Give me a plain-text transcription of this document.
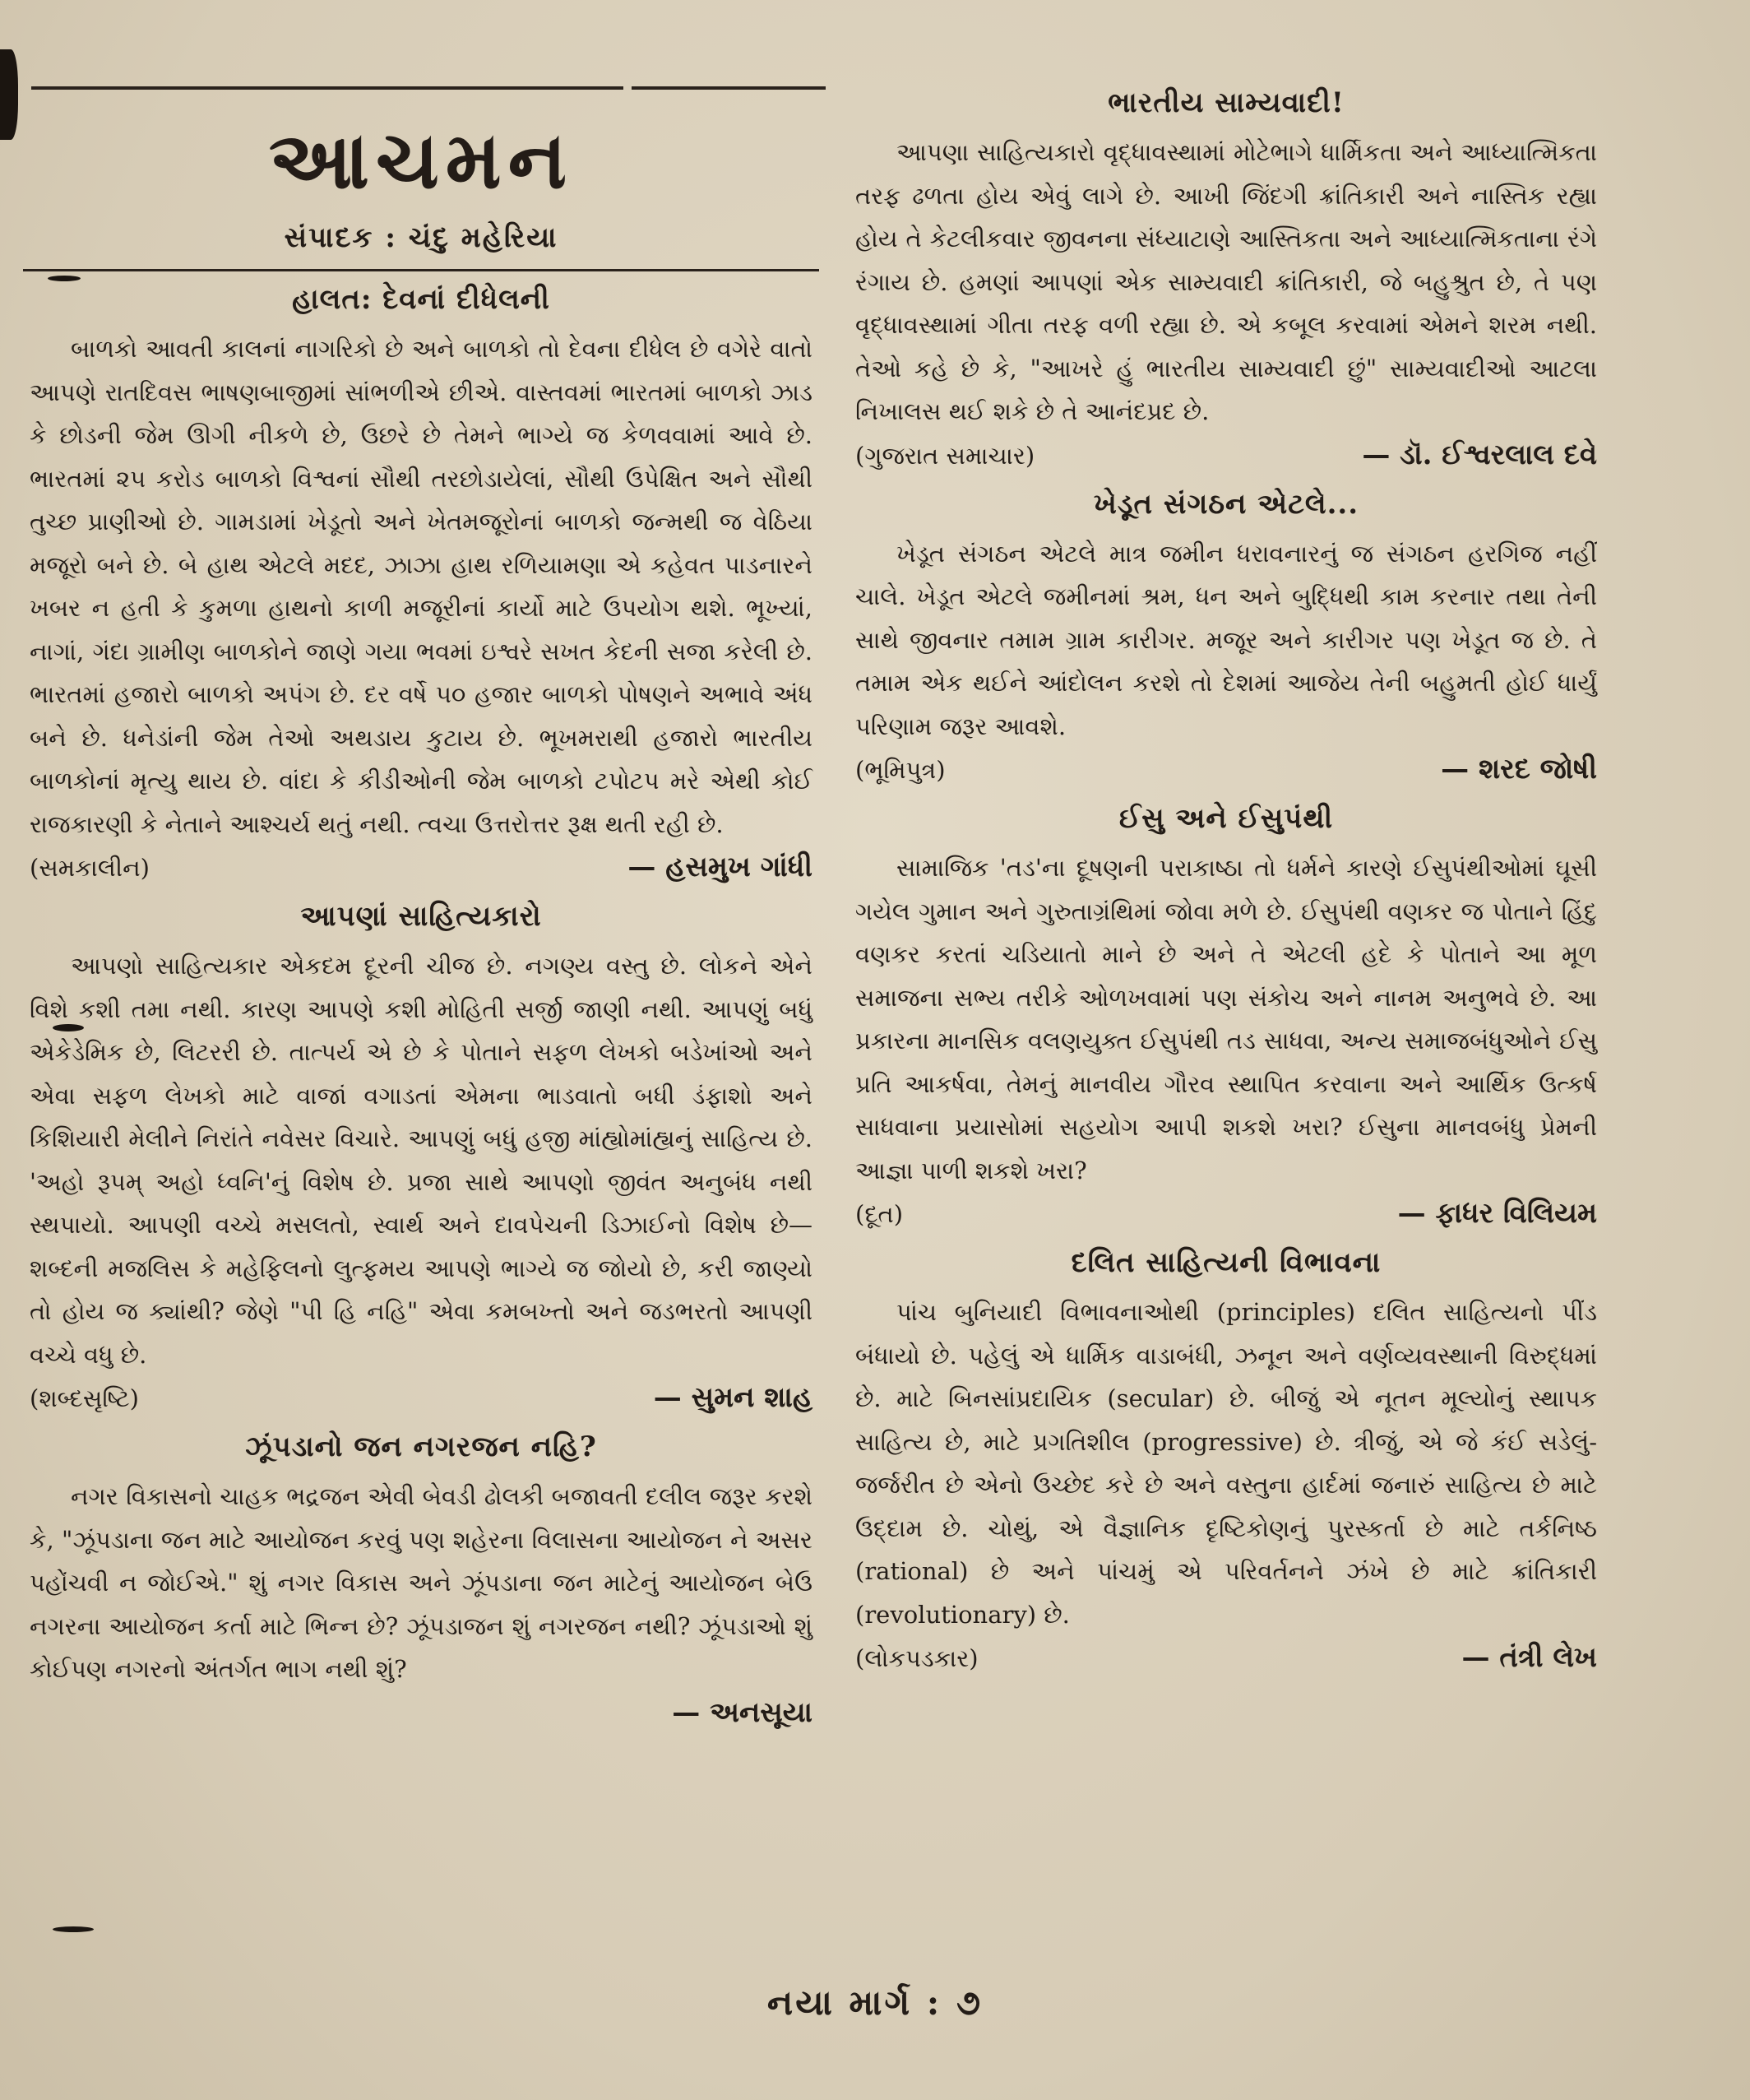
આચમન
સંપાદક : ચંદુ મહેરિયા
હાલત: દેવનાં દીધેલની

બાળકો આવતી કાલનાં નાગરિકો છે અને બાળકો તો દેવના દીધેલ છે વગેરે વાતો આપણે રાતદિવસ ભાષણબાજીમાં સાંભળીએ છીએ. વાસ્તવમાં ભારતમાં બાળકો ઝાડ કે છોડની જેમ ઊગી નીકળે છે, ઉછરે છે તેમને ભાગ્યે જ કેળવવામાં આવે છે. ભારતમાં ૨૫ કરોડ બાળકો વિશ્વનાં સૌથી તરછોડાયેલાં, સૌથી ઉપેક્ષિત અને સૌથી તુચ્છ પ્રાણીઓ છે. ગામડામાં ખેડૂતો અને ખેતમજૂરોનાં બાળકો જન્મથી જ વેઠિયા મજૂરો બને છે. બે હાથ એટલે મદદ, ઝાઝા હાથ રળિયામણા એ કહેવત પાડનારને ખબર ન હતી કે કુમળા હાથનો કાળી મજૂરીનાં કાર્યો માટે ઉપયોગ થશે. ભૂખ્યાં, નાગાં, ગંદા ગ્રામીણ બાળકોને જાણે ગયા ભવમાં ઇશ્વરે સખત કેદની સજા કરેલી છે. ભારતમાં હજારો બાળકો અપંગ છે. દર વર્ષે ૫૦ હજાર બાળકો પોષણને અભાવે અંધ બને છે. ધનેડાંની જેમ તેઓ અથડાય કુટાય છે. ભૂખમરાથી હજારો ભારતીય બાળકોનાં મૃત્યુ થાય છે. વાંદા કે કીડીઓની જેમ બાળકો ટપોટપ મરે એથી કોઈ રાજકારણી કે નેતાને આશ્ચર્ય થતું નથી. ત્વચા ઉત્તરોત્તર રૂક્ષ થતી રહી છે.

(સમકાલીન)	— હસમુખ ગાંધી
આપણાં સાહિત્યકારો

આપણો સાહિત્યકાર એકદમ દૂરની ચીજ છે. નગણ્ય વસ્તુ છે. લોકને એને વિશે કશી તમા નથી. કારણ આપણે કશી મોહિતી સર્જી જાણી નથી. આપણું બધું એકેડેમિક છે, લિટરરી છે. તાત્પર્ય એ છે કે પોતાને સફળ લેખકો બડેખાંઓ અને એવા સફળ લેખકો માટે વાજાં વગાડતાં એમના ભાડવાતો બધી ડંફાશો અને કિશિયારી મેલીને નિરાંતે નવેસર વિચારે. આપણું બધું હજી માંહ્યોમાંહ્યનું સાહિત્ય છે. 'અહો રૂપમ્ અહો ધ્વનિ'નું વિશેષ છે. પ્રજા સાથે આપણો જીવંત અનુબંધ નથી સ્થપાયો. આપણી વચ્ચે મસલતો, સ્વાર્થ અને દાવપેચની ડિઝાઈનો વિશેષ છે—શબ્દની મજલિસ કે મહેફિલનો લુત્ફમય આપણે ભાગ્યે જ જોયો છે, કરી જાણ્યો તો હોય જ ક્યાંથી? જેણે "પી હિ નહિ" એવા કમબખ્તો અને જડભરતો આપણી વચ્ચે વધુ છે.

(શબ્દસૃષ્ટિ)	— સુમન શાહ
ઝૂંપડાનો જન નગરજન નહિ?

નગર વિકાસનો ચાહક ભદ્રજન એવી બેવડી ઢોલકી બજાવતી દલીલ જરૂર કરશે કે, "ઝૂંપડાના જન માટે આયોજન કરવું પણ શહેરના વિલાસના આયોજન ને અસર પહોંચવી ન જોઈએ." શું નગર વિકાસ અને ઝૂંપડાના જન માટેનું આયોજન બેઉ નગરના આયોજન કર્તા માટે ભિન્ન છે? ઝૂંપડાજન શું નગરજન નથી? ઝૂંપડાઓ શું કોઈપણ નગરનો અંતર્ગત ભાગ નથી શું?

— અનસૂયા
ભારતીય સામ્યવાદી!

આપણા સાહિત્યકારો વૃદ્ધાવસ્થામાં મોટેભાગે ધાર્મિકતા અને આધ્યાત્મિકતા તરફ ઢળતા હોય એવું લાગે છે. આખી જિંદગી ક્રાંતિકારી અને નાસ્તિક રહ્યા હોય તે કેટલીકવાર જીવનના સંધ્યાટાણે આસ્તિકતા અને આધ્યાત્મિકતાના રંગે રંગાય છે. હમણાં આપણાં એક સામ્યવાદી ક્રાંતિકારી, જે બહુશ્રુત છે, તે પણ વૃદ્ધાવસ્થામાં ગીતા તરફ વળી રહ્યા છે. એ કબૂલ કરવામાં એમને શરમ નથી. તેઓ કહે છે કે, "આખરે હું ભારતીય સામ્યવાદી છું" સામ્યવાદીઓ આટલા નિખાલસ થઈ શકે છે તે આનંદપ્રદ છે.

(ગુજરાત સમાચાર)	— ડૉ. ઈશ્વરલાલ દવે
ખેડૂત સંગઠન એટલે...

ખેડૂત સંગઠન એટલે માત્ર જમીન ધરાવનારનું જ સંગઠન હરગિજ નહીં ચાલે. ખેડૂત એટલે જમીનમાં શ્રમ, ધન અને બુદ્ધિથી કામ કરનાર તથા તેની સાથે જીવનાર તમામ ગ્રામ કારીગર. મજૂર અને કારીગર પણ ખેડૂત જ છે. તે તમામ એક થઈને આંદોલન કરશે તો દેશમાં આજેય તેની બહુમતી હોઈ ધાર્યું પરિણામ જરૂર આવશે.

(ભૂમિપુત્ર)	— શરદ જોષી
ઈસુ અને ઈસુપંથી

સામાજિક 'તડ'ના દૂષણની પરાકાષ્ઠા તો ધર્મને કારણે ઈસુપંથીઓમાં ઘૂસી ગયેલ ગુમાન અને ગુરુતાગ્રંથિમાં જોવા મળે છે. ઈસુપંથી વણકર જ પોતાને હિંદુ વણકર કરતાં ચડિયાતો માને છે અને તે એટલી હદે કે પોતાને આ મૂળ સમાજના સભ્ય તરીકે ઓળખવામાં પણ સંકોચ અને નાનમ અનુભવે છે. આ પ્રકારના માનસિક વલણયુક્ત ઈસુપંથી તડ સાધવા, અન્ય સમાજબંધુઓને ઈસુ પ્રતિ આકર્ષવા, તેમનું માનવીય ગૌરવ સ્થાપિત કરવાના અને આર્થિક ઉત્કર્ષ સાધવાના પ્રયાસોમાં સહયોગ આપી શકશે ખરા? ઈસુના માનવબંધુ પ્રેમની આજ્ઞા પાળી શકશે ખરા?

(દૂત)	— ફાધર વિલિયમ
દલિત સાહિત્યની વિભાવના

પાંચ બુનિયાદી વિભાવનાઓથી (principles) દલિત સાહિત્યનો પીંડ બંધાયો છે. પહેલું એ ધાર્મિક વાડાબંધી, ઝનૂન અને વર્ણવ્યવસ્થાની વિરુદ્ધમાં છે. માટે બિનસાંપ્રદાયિક (secular) છે. બીજું એ નૂતન મૂલ્યોનું સ્થાપક સાહિત્ય છે, માટે પ્રગતિશીલ (progressive) છે. ત્રીજું, એ જે કંઈ સડેલું-જર્જરીત છે એનો ઉચ્છેદ કરે છે અને વસ્તુના હાર્દમાં જનારું સાહિત્ય છે માટે ઉદ્દામ છે. ચોથું, એ વૈજ્ઞાનિક દૃષ્ટિકોણનું પુરસ્કર્તા છે માટે તર્કનિષ્ઠ (rational) છે અને પાંચમું એ પરિવર્તનને ઝંખે છે માટે ક્રાંતિકારી (revolutionary) છે.

(લોકપડકાર)	— તંત્રી લેખ
નયા માર્ગ : ૭
